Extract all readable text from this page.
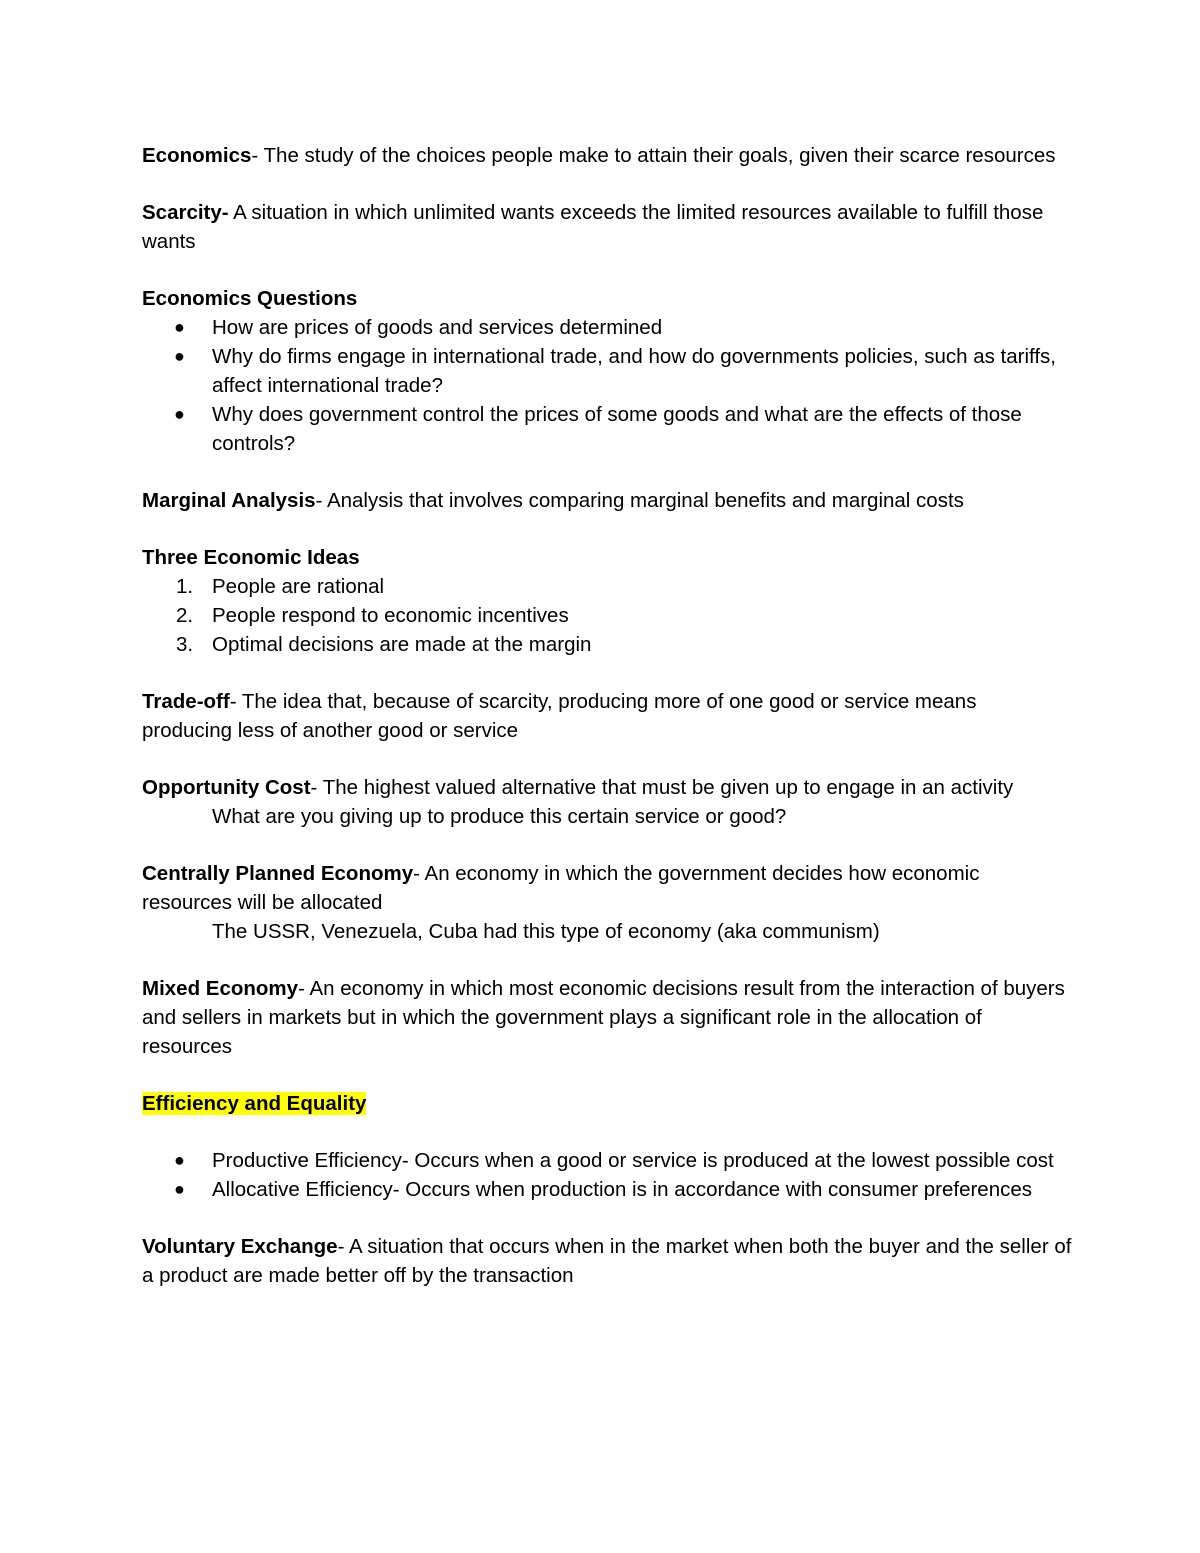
Economics- The study of the choices people make to attain their goals, given their scarce resources

Scarcity- A situation in which unlimited wants exceeds the limited resources available to fulfill those wants

Economics Questions
● How are prices of goods and services determined
● Why do firms engage in international trade, and how do governments policies, such as tariffs, affect international trade?
● Why does government control the prices of some goods and what are the effects of those controls?

Marginal Analysis- Analysis that involves comparing marginal benefits and marginal costs

Three Economic Ideas
1. People are rational
2. People respond to economic incentives
3. Optimal decisions are made at the margin

Trade-off- The idea that, because of scarcity, producing more of one good or service means producing less of another good or service

Opportunity Cost- The highest valued alternative that must be given up to engage in an activity

What are you giving up to produce this certain service or good?

Centrally Planned Economy- An economy in which the government decides how economic resources will be allocated

The USSR, Venezuela, Cuba had this type of economy (aka communism)

Mixed Economy- An economy in which most economic decisions result from the interaction of buyers and sellers in markets but in which the government plays a significant role in the allocation of resources

Efficiency and Equality

● Productive Efficiency- Occurs when a good or service is produced at the lowest possible cost
● Allocative Efficiency- Occurs when production is in accordance with consumer preferences

Voluntary Exchange- A situation that occurs when in the market when both the buyer and the seller of a product are made better off by the transaction
